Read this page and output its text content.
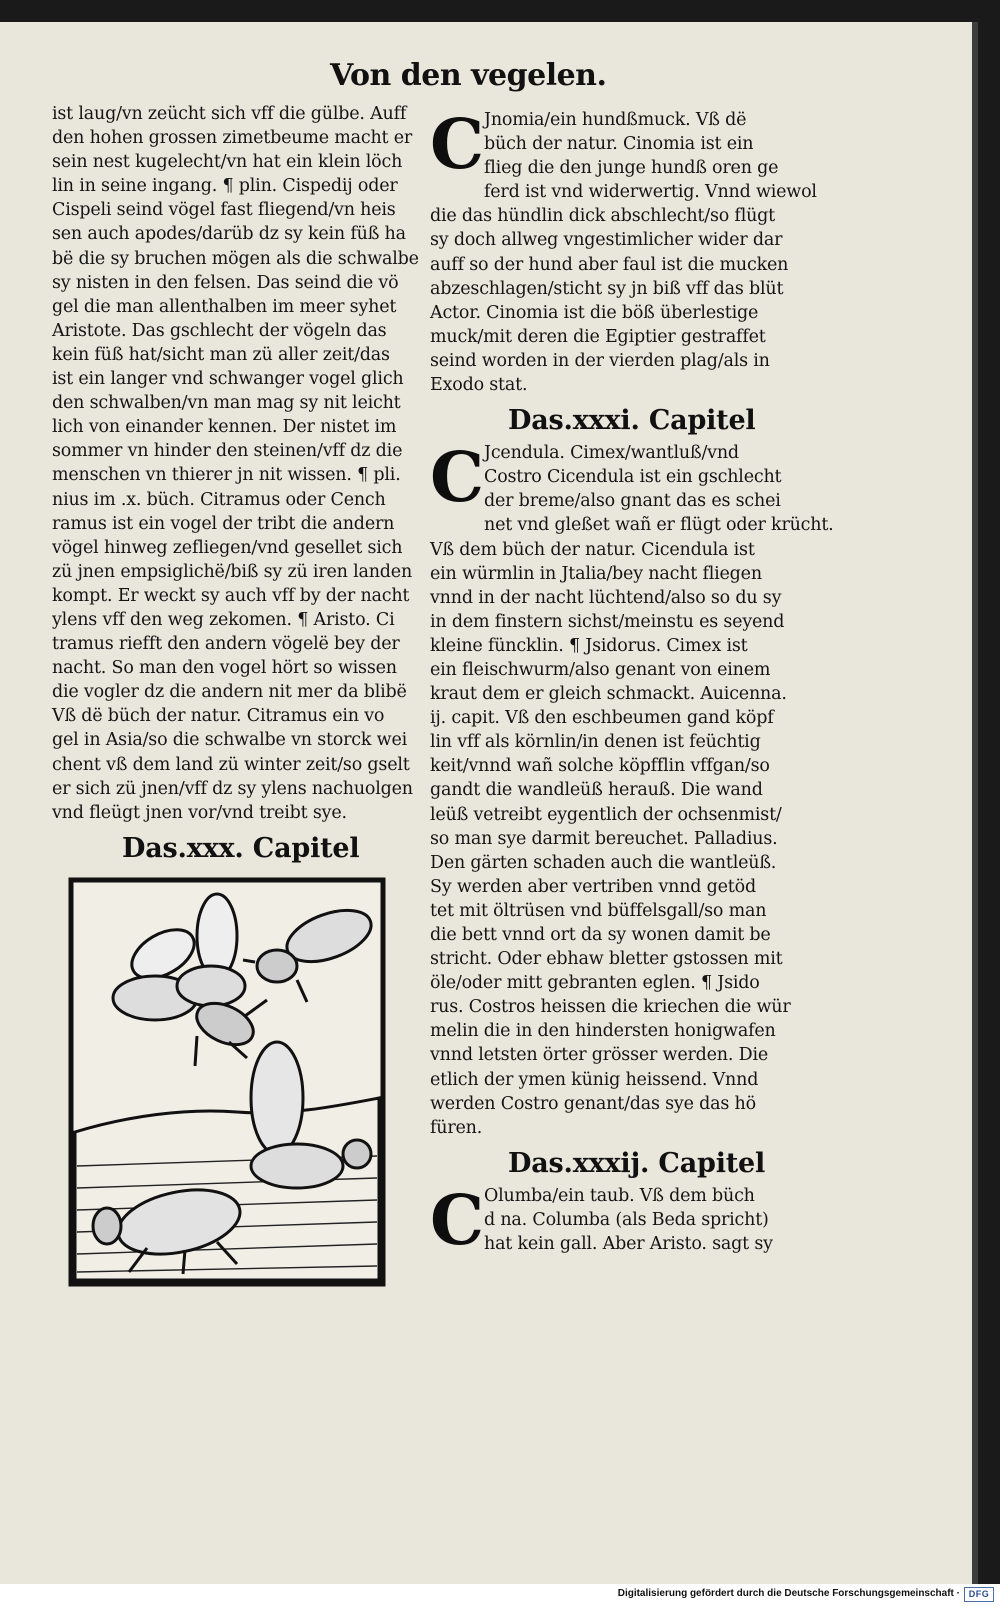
Von den vegelen.
ist laug/vn zeücht sich vff die gülbe. Auff
den hohen grossen zimetbeume macht er
sein nest kugelecht/vn hat ein klein löch
lin in seine ingang. ¶ plin. Cispedij oder
Cispeli seind vögel fast fliegend/vn heis
sen auch apodes/darüb dz sy kein füß ha
bë die sy bruchen mögen als die schwalbe
sy nisten in den felsen. Das seind die vö
gel die man allenthalben im meer syhet
Aristote. Das gschlecht der vögeln das
kein füß hat/sicht man zü aller zeit/das
ist ein langer vnd schwanger vogel glich
den schwalben/vn man mag sy nit leicht
lich von einander kennen. Der nistet im
sommer vn hinder den steinen/vff dz die
menschen vn thierer jn nit wissen. ¶ pli.
nius im .x. büch. Citramus oder Cench
ramus ist ein vogel der tribt die andern
vögel hinweg zefliegen/vnd gesellet sich
zü jnen empsiglichë/biß sy zü iren landen
kompt. Er weckt sy auch vff by der nacht
ylens vff den weg zekomen. ¶ Aristo. Ci
tramus riefft den andern vögelë bey der
nacht. So man den vogel hört so wissen
die vogler dz die andern nit mer da blibë
Vß dë büch der natur. Citramus ein vo
gel in Asia/so die schwalbe vn storck wei
chent vß dem land zü winter zeit/so gselt
er sich zü jnen/vff dz sy ylens nachuolgen
vnd fleügt jnen vor/vnd treibt sye.
Das.xxx. Capitel
C Jnomia/ein hundßmuck. Vß dë
büch der natur. Cinomia ist ein
flieg die den junge hundß oren ge
ferd ist vnd widerwertig. Vnnd wiewol
die das hündlin dick abschlecht/so flügt
sy doch allweg vngestimlicher wider dar
auff so der hund aber faul ist die mucken
abzeschlagen/sticht sy jn biß vff das blüt
Actor. Cinomia ist die böß überlestige
muck/mit deren die Egiptier gestraffet
seind worden in der vierden plag/als in
Exodo stat.
Das.xxxi. Capitel
C Jcendula. Cimex/wantluß/vnd
Costro Cicendula ist ein gschlecht
der breme/also gnant das es schei
net vnd gleßet wañ er flügt oder krücht.
Vß dem büch der natur. Cicendula ist
ein würmlin in Jtalia/bey nacht fliegen
vnnd in der nacht lüchtend/also so du sy
in dem finstern sichst/meinstu es seyend
kleine füncklin. ¶ Jsidorus. Cimex ist
ein fleischwurm/also genant von einem
kraut dem er gleich schmackt. Auicenna.
ij. capit. Vß den eschbeumen gand köpf
lin vff als körnlin/in denen ist feüchtig
keit/vnnd wañ solche köpfflin vffgan/so
gandt die wandleüß herauß. Die wand
leüß vetreibt eygentlich der ochsenmist/
so man sye darmit bereuchet. Palladius.
Den gärten schaden auch die wantleüß.
Sy werden aber vertriben vnnd getöd
tet mit öltrüsen vnd büffelsgall/so man
die bett vnnd ort da sy wonen damit be
stricht. Oder ebhaw bletter gstossen mit
öle/oder mitt gebranten eglen. ¶ Jsido
rus. Costros heissen die kriechen die wür
melin die in den hindersten honigwafen
vnnd letsten örter grösser werden. Die
etlich der ymen künig heissend. Vnnd
werden Costro genant/das sye das hö
füren.
Das.xxxij. Capitel
C Olumba/ein taub. Vß dem büch
d na. Columba (als Beda spricht)
hat kein gall. Aber Aristo. sagt sy
Digitalisierung gefördert durch die Deutsche Forschungsgemeinschaft · DFG
